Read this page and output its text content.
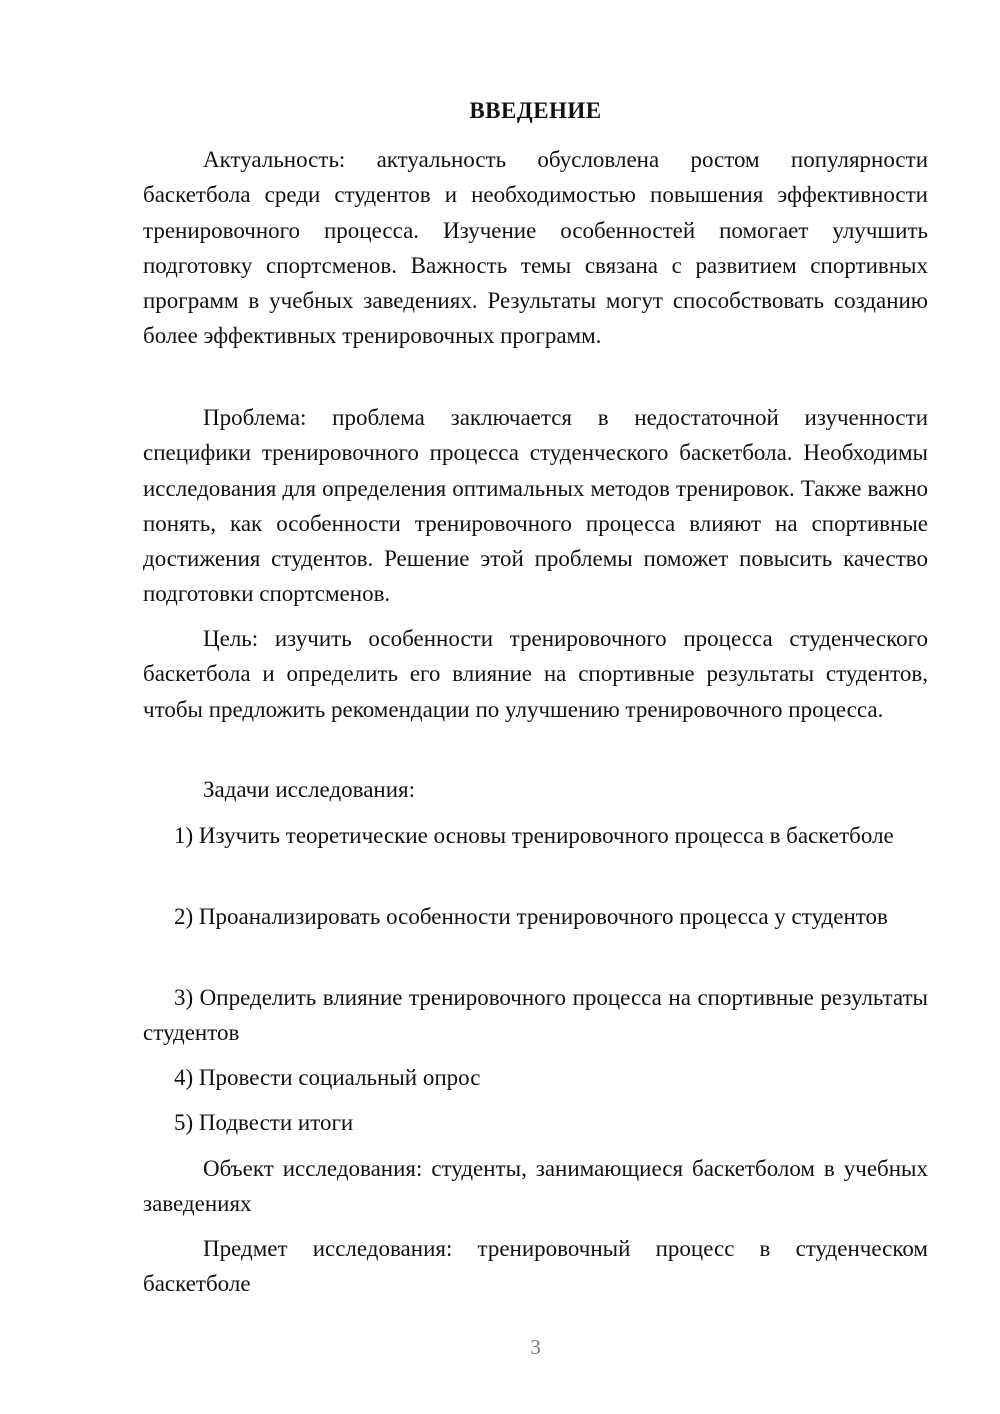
ВВЕДЕНИЕ

Актуальность: актуальность обусловлена ростом популярности баскетбола среди студентов и необходимостью повышения эффективности тренировочного процесса. Изучение особенностей помогает улучшить подготовку спортсменов. Важность темы связана с развитием спортивных программ в учебных заведениях. Результаты могут способствовать созданию более эффективных тренировочных программ.

Проблема: проблема заключается в недостаточной изученности специфики тренировочного процесса студенческого баскетбола. Необходимы исследования для определения оптимальных методов тренировок. Также важно понять, как особенности тренировочного процесса влияют на спортивные достижения студентов. Решение этой проблемы поможет повысить качество подготовки спортсменов.

Цель: изучить особенности тренировочного процесса студенческого баскетбола и определить его влияние на спортивные результаты студентов, чтобы предложить рекомендации по улучшению тренировочного процесса.

Задачи исследования:

1) Изучить теоретические основы тренировочного процесса в баскетболе

2) Проанализировать особенности тренировочного процесса у студентов

3) Определить влияние тренировочного процесса на спортивные результаты студентов

4) Провести социальный опрос

5) Подвести итоги

Объект исследования: студенты, занимающиеся баскетболом в учебных заведениях

Предмет исследования: тренировочный процесс в студенческом баскетболе

3
